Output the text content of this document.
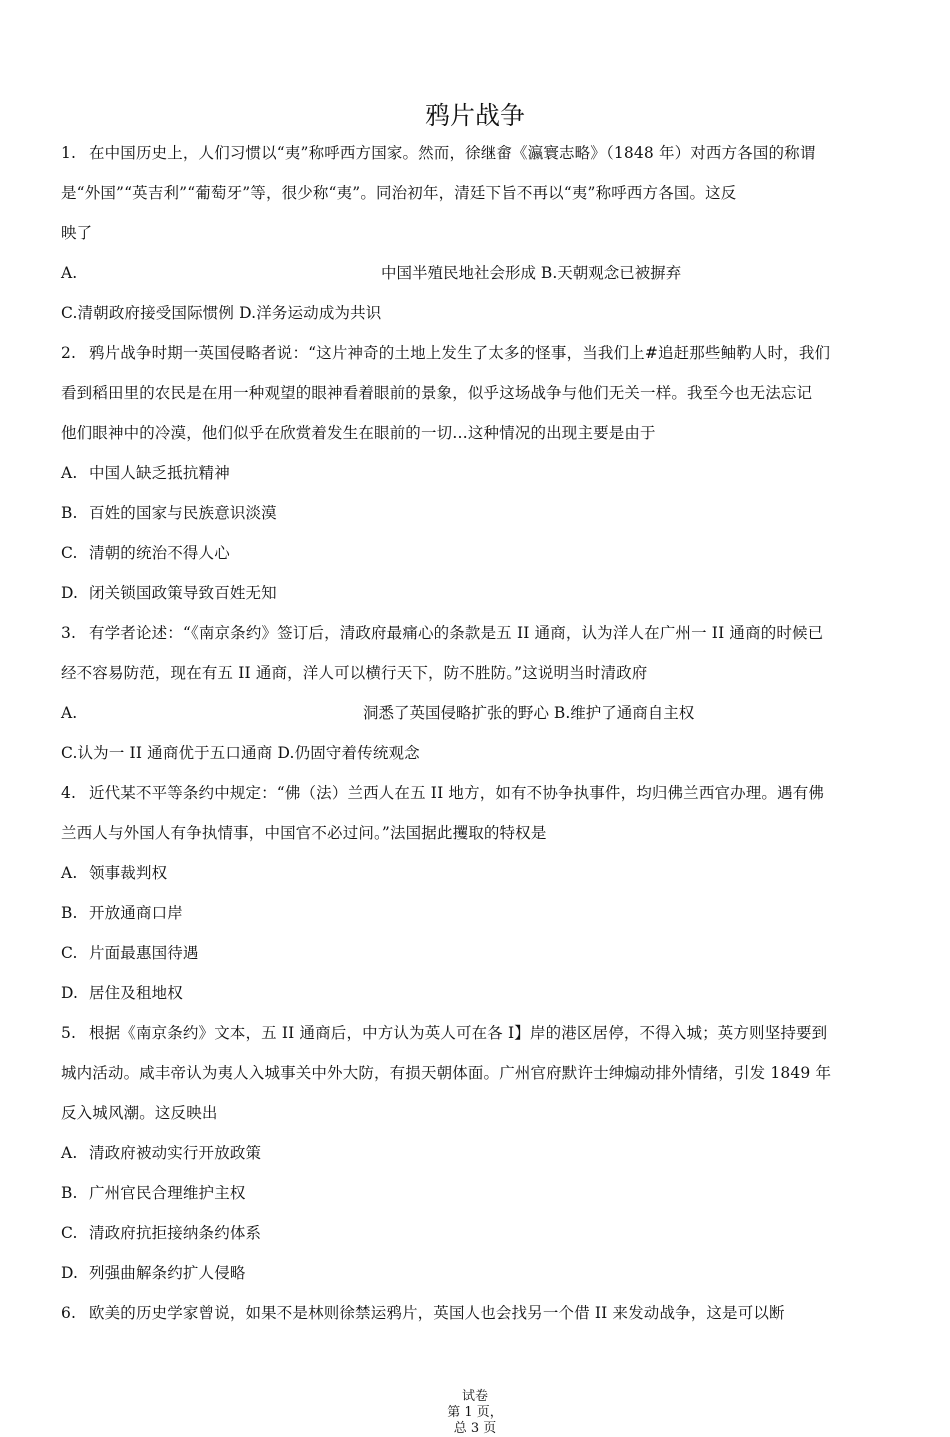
鸦片战争
1. 在中国历史上，人们习惯以“夷”称呼西方国家。然而，徐继畲《瀛寰志略》（1848 年）对西方各国的称谓
是“外国”“英吉利”“葡萄牙”等，很少称“夷”。同治初年，清廷下旨不再以“夷”称呼西方各国。这反
映了
A.	中国半殖民地社会形成 B.天朝观念已被摒弃
C.清朝政府接受国际惯例 D.洋务运动成为共识
2. 鸦片战争时期一英国侵略者说：“这片神奇的土地上发生了太多的怪事，当我们上#追赶那些鲉靮人时，我们
看到稻田里的农民是在用一种观望的眼神看着眼前的景象，似乎这场战争与他们无关一样。我至今也无法忘记
他们眼神中的冷漠，他们似乎在欣赏着发生在眼前的一切…这种情况的出现主要是由于
A. 中国人缺乏抵抗精神
B. 百姓的国家与民族意识淡漠
C. 清朝的统治不得人心
D. 闭关锁国政策导致百姓无知
3. 有学者论述：“《南京条约》签订后，清政府最痛心的条款是五 II 通商，认为洋人在广州一 II 通商的时候已
经不容易防范，现在有五 II 通商，洋人可以横行天下，防不胜防。”这说明当时清政府
A.	洞悉了英国侵略扩张的野心 B.维护了通商自主权
C.认为一 II 通商优于五口通商 D.仍固守着传统观念
4. 近代某不平等条约中规定：“佛（法）兰西人在五 II 地方，如有不协争执事件，均归佛兰西官办理。遇有佛
兰西人与外国人有争执情事，中国官不必过问。”法国据此攫取的特权是
A. 领事裁判权
B. 开放通商口岸
C. 片面最惠国待遇
D. 居住及租地权
5. 根据《南京条约》文本，五 II 通商后，中方认为英人可在各 I】岸的港区居停，不得入城；英方则坚持要到
城内活动。咸丰帝认为夷人入城事关中外大防，有损天朝体面。广州官府默许士绅煽动排外情绪，引发 1849 年
反入城风潮。这反映出
A. 清政府被动实行开放政策
B. 广州官民合理维护主权
C. 清政府抗拒接纳条约体系
D. 列强曲解条约扩人侵略
6. 欧美的历史学家曾说，如果不是林则徐禁运鸦片，英国人也会找另一个借 II 来发动战争，这是可以断
试卷
第 1 页，
总 3 页
